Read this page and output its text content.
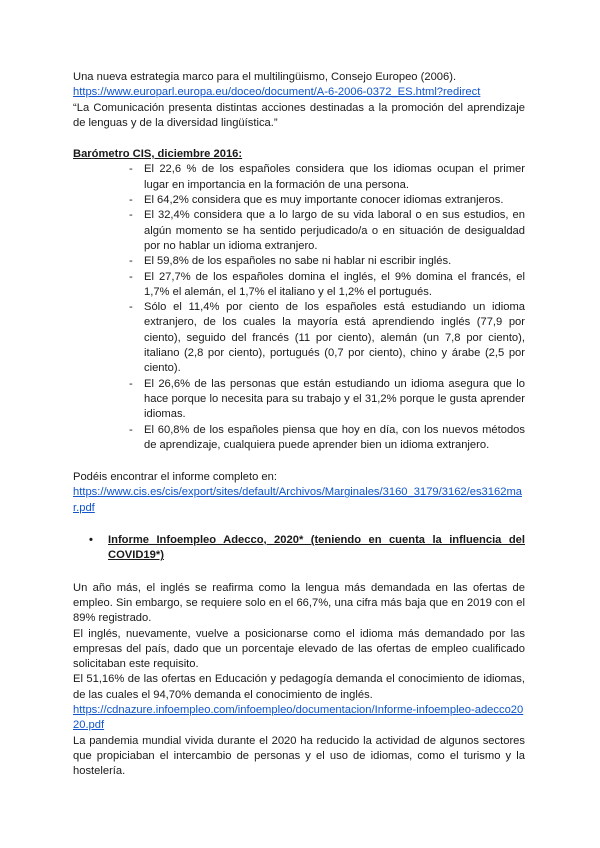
Una nueva estrategia marco para el multilingüismo, Consejo Europeo (2006).

https://www.europarl.europa.eu/doceo/document/A-6-2006-0372_ES.html?redirect

“La Comunicación presenta distintas acciones destinadas a la promoción del aprendizaje de lenguas y de la diversidad lingüística.”

Barómetro CIS, diciembre 2016:

- El 22,6 % de los españoles considera que los idiomas ocupan el primer lugar en importancia en la formación de una persona.
- El 64,2% considera que es muy importante conocer idiomas extranjeros.
- El 32,4% considera que a lo largo de su vida laboral o en sus estudios, en algún momento se ha sentido perjudicado/a o en situación de desigualdad por no hablar un idioma extranjero.
- El 59,8% de los españoles no sabe ni hablar ni escribir inglés.
- El 27,7% de los españoles domina el inglés, el 9% domina el francés, el 1,7% el alemán, el 1,7% el italiano y el 1,2% el portugués.
- Sólo el 11,4% por ciento de los españoles está estudiando un idioma extranjero, de los cuales la mayoría está aprendiendo inglés (77,9 por ciento), seguido del francés (11 por ciento), alemán (un 7,8 por ciento), italiano (2,8 por ciento), portugués (0,7 por ciento), chino y árabe (2,5 por ciento).
- El 26,6% de las personas que están estudiando un idioma asegura que lo hace porque lo necesita para su trabajo y el 31,2% porque le gusta aprender idiomas.
- El 60,8% de los españoles piensa que hoy en día, con los nuevos métodos de aprendizaje, cualquiera puede aprender bien un idioma extranjero.

Podéis encontrar el informe completo en:

https://www.cis.es/cis/export/sites/default/Archivos/Marginales/3160_3179/3162/es3162mar.pdf

• Informe Infoempleo Adecco, 2020* (teniendo en cuenta la influencia del COVID19*)

Un año más, el inglés se reafirma como la lengua más demandada en las ofertas de empleo. Sin embargo, se requiere solo en el 66,7%, una cifra más baja que en 2019 con el 89% registrado.

El inglés, nuevamente, vuelve a posicionarse como el idioma más demandado por las empresas del país, dado que un porcentaje elevado de las ofertas de empleo cualificado solicitaban este requisito.

El 51,16% de las ofertas en Educación y pedagogía demanda el conocimiento de idiomas, de las cuales el 94,70% demanda el conocimiento de inglés.

https://cdnazure.infoempleo.com/infoempleo/documentacion/Informe-infoempleo-adecco2020.pdf

La pandemia mundial vivida durante el 2020 ha reducido la actividad de algunos sectores que propiciaban el intercambio de personas y el uso de idiomas, como el turismo y la hostelería.
